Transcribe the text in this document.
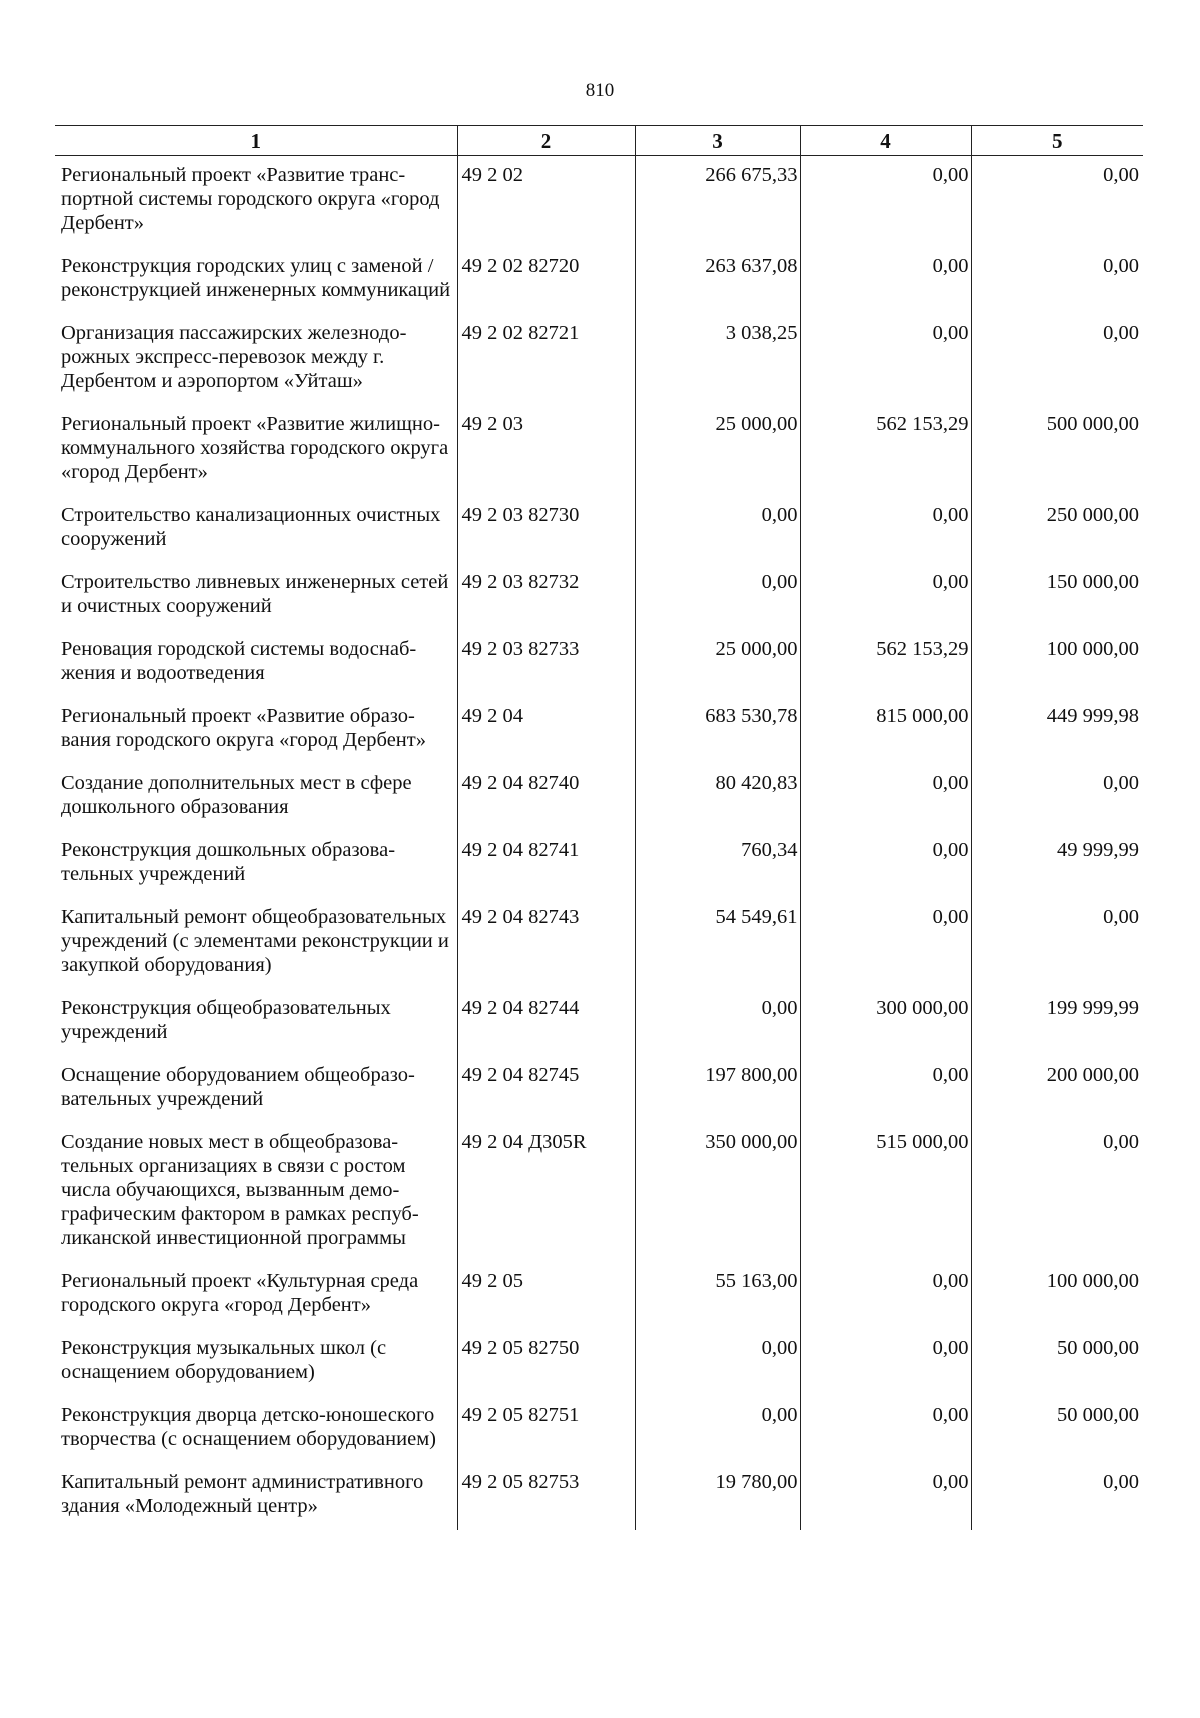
810
1	2	3	4	5
Региональный проект «Развитие транспортной системы городского округа «город Дербент»	49 2 02	266 675,33	0,00	0,00
Реконструкция городских улиц с заменой / реконструкцией инженерных коммуникаций	49 2 02 82720	263 637,08	0,00	0,00
Организация пассажирских железнодорожных экспресс-перевозок между г. Дербентом и аэропортом «Уйташ»	49 2 02 82721	3 038,25	0,00	0,00
Региональный проект «Развитие жилищно-коммунального хозяйства городского округа «город Дербент»	49 2 03	25 000,00	562 153,29	500 000,00
Строительство канализационных очистных сооружений	49 2 03 82730	0,00	0,00	250 000,00
Строительство ливневых инженерных сетей и очистных сооружений	49 2 03 82732	0,00	0,00	150 000,00
Реновация городской системы водоснабжения и водоотведения	49 2 03 82733	25 000,00	562 153,29	100 000,00
Региональный проект «Развитие образования городского округа «город Дербент»	49 2 04	683 530,78	815 000,00	449 999,98
Создание дополнительных мест в сфере дошкольного образования	49 2 04 82740	80 420,83	0,00	0,00
Реконструкция дошкольных образовательных учреждений	49 2 04 82741	760,34	0,00	49 999,99
Капитальный ремонт общеобразовательных учреждений (с элементами реконструкции и закупкой оборудования)	49 2 04 82743	54 549,61	0,00	0,00
Реконструкция общеобразовательных учреждений	49 2 04 82744	0,00	300 000,00	199 999,99
Оснащение оборудованием общеобразовательных учреждений	49 2 04 82745	197 800,00	0,00	200 000,00
Создание новых мест в общеобразовательных организациях в связи с ростом числа обучающихся, вызванным демографическим фактором в рамках республиканской инвестиционной программы	49 2 04 Д305R	350 000,00	515 000,00	0,00
Региональный проект «Культурная среда городского округа «город Дербент»	49 2 05	55 163,00	0,00	100 000,00
Реконструкция музыкальных школ (с оснащением оборудованием)	49 2 05 82750	0,00	0,00	50 000,00
Реконструкция дворца детско-юношеского творчества (с оснащением оборудованием)	49 2 05 82751	0,00	0,00	50 000,00
Капитальный ремонт административного здания «Молодежный центр»	49 2 05 82753	19 780,00	0,00	0,00
